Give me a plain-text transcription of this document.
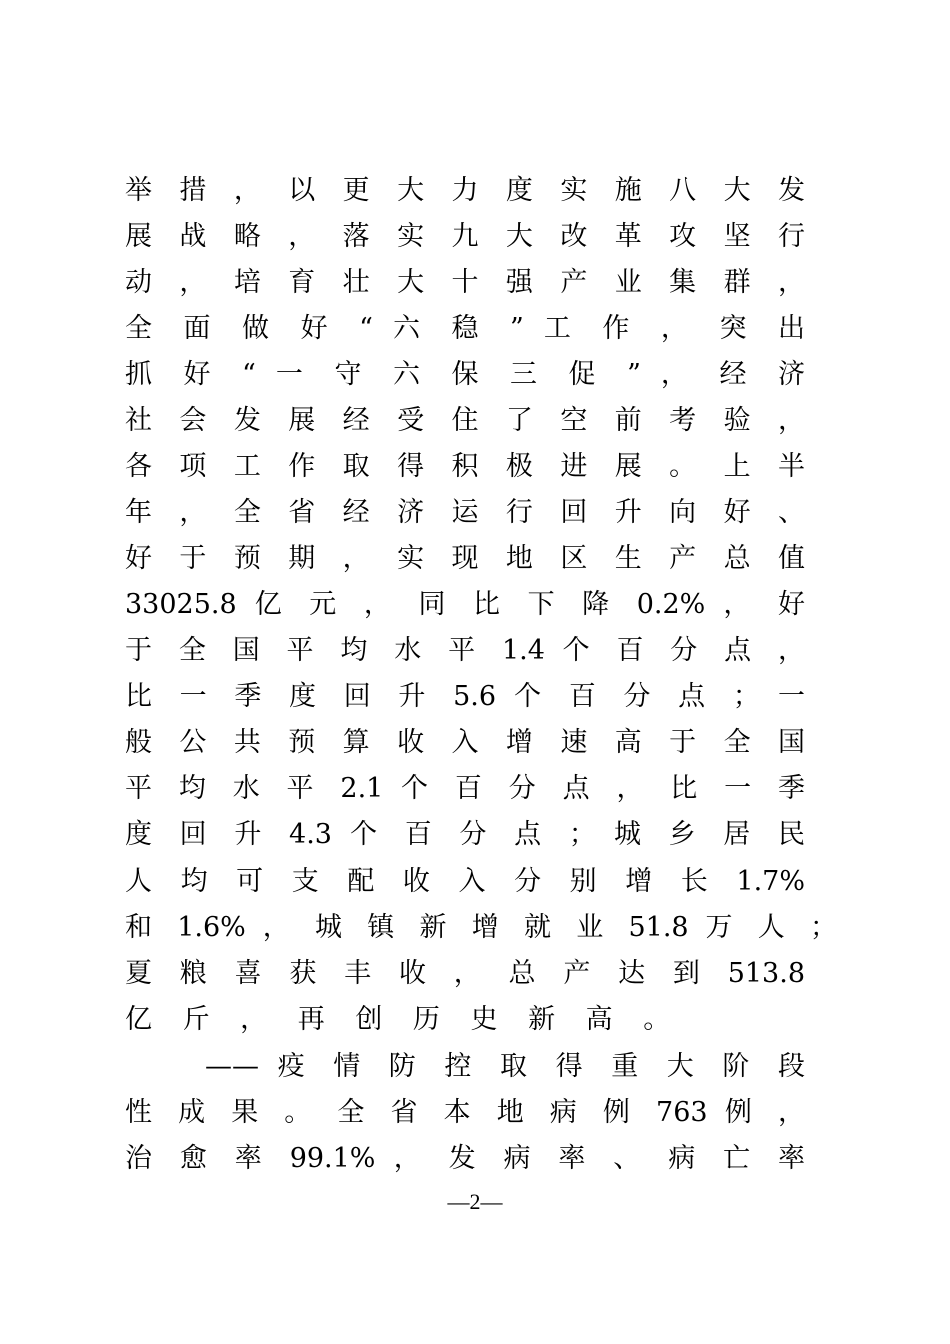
举 措 ， 以 更 大 力 度 实 施 八 大 发
展 战 略 ， 落 实 九 大 改 革 攻 坚 行
动 ， 培 育 壮 大 十 强 产 业 集 群 ，
全 面 做 好 “ 六 稳 ” 工 作 ， 突 出
抓 好 “ 一 守 六 保 三 促 ” ， 经 济
社 会 发 展 经 受 住 了 空 前 考 验 ，
各 项 工 作 取 得 积 极 进 展 。 上 半
年 ， 全 省 经 济 运 行 回 升 向 好 、
好 于 预 期 ， 实 现 地 区 生 产 总 值
33025.8 亿 元 ， 同 比 下 降 0.2% ， 好
于 全 国 平 均 水 平 1.4 个 百 分 点 ，
比 一 季 度 回 升 5.6 个 百 分 点 ； 一
般 公 共 预 算 收 入 增 速 高 于 全 国
平 均 水 平 2.1 个 百 分 点 ， 比 一 季
度 回 升 4.3 个 百 分 点 ； 城 乡 居 民
人 均 可 支 配 收 入 分 别 增 长 1.7%
和 1.6% ， 城 镇 新 增 就 业 51.8 万 人 ；
夏 粮 喜 获 丰 收 ， 总 产 达 到 513.8
亿 斤 ， 再 创 历 史 新 高 。
—— 疫 情 防 控 取 得 重 大 阶 段
性 成 果 。 全 省 本 地 病 例 763 例 ，
治 愈 率 99.1% ， 发 病 率 、 病 亡 率
—2—
